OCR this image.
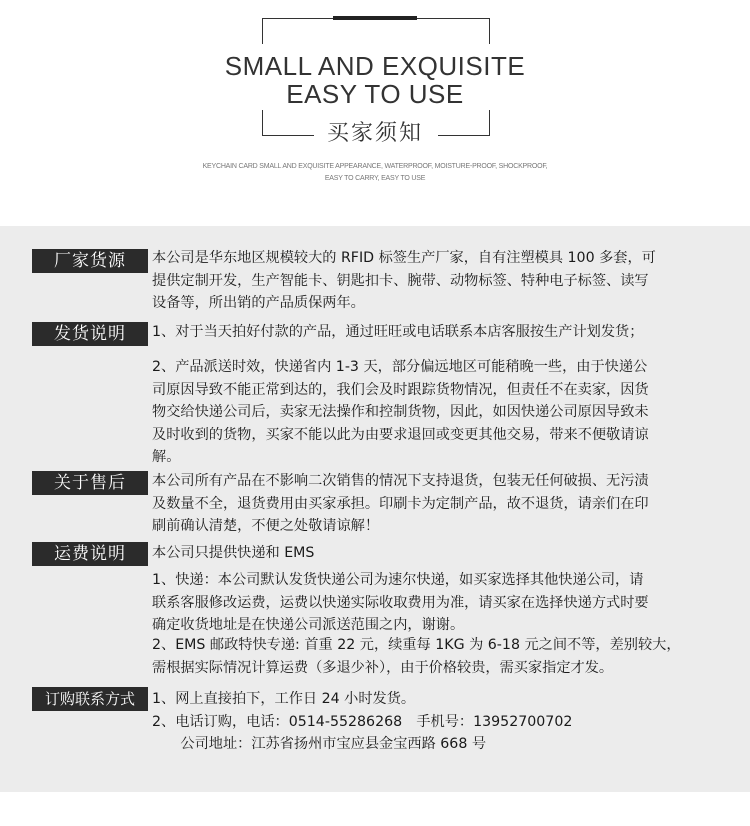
SMALL AND EXQUISITE
EASY TO USE
买家须知
KEYCHAIN CARD SMALL AND EXQUISITE APPEARANCE, WATERPROOF, MOISTURE-PROOF, SHOCKPROOF,
EASY TO CARRY, EASY TO USE
厂家货源	本公司是华东地区规模较大的 RFID 标签生产厂家，自有注塑模具 100 多套，可
提供定制开发，生产智能卡、钥匙扣卡、腕带、动物标签、特种电子标签、读写
设备等，所出销的产品质保两年。
发货说明	1、对于当天拍好付款的产品，通过旺旺或电话联系本店客服按生产计划发货；
2、产品派送时效，快递省内 1-3 天，部分偏远地区可能稍晚一些，由于快递公
司原因导致不能正常到达的，我们会及时跟踪货物情况，但责任不在卖家，因货
物交给快递公司后，卖家无法操作和控制货物，因此，如因快递公司原因导致未
及时收到的货物，买家不能以此为由要求退回或变更其他交易，带来不便敬请谅
解。
关于售后	本公司所有产品在不影响二次销售的情况下支持退货，包装无任何破损、无污渍
及数量不全，退货费用由买家承担。印刷卡为定制产品，故不退货，请亲们在印
刷前确认清楚，不便之处敬请谅解！
运费说明	本公司只提供快递和 EMS
1、快递：本公司默认发货快递公司为速尔快递，如买家选择其他快递公司，请
联系客服修改运费，运费以快递实际收取费用为准，请买家在选择快递方式时要
确定收货地址是在快递公司派送范围之内，谢谢。
2、EMS 邮政特快专递: 首重 22 元，续重每 1KG 为 6-18 元之间不等，差别较大，
需根据实际情况计算运费（多退少补），由于价格较贵，需买家指定才发。
订购联系方式	1、网上直接拍下，工作日 24 小时发货。
2、电话订购，电话：0514-55286268　手机号：13952700702
　　公司地址：江苏省扬州市宝应县金宝西路 668 号
